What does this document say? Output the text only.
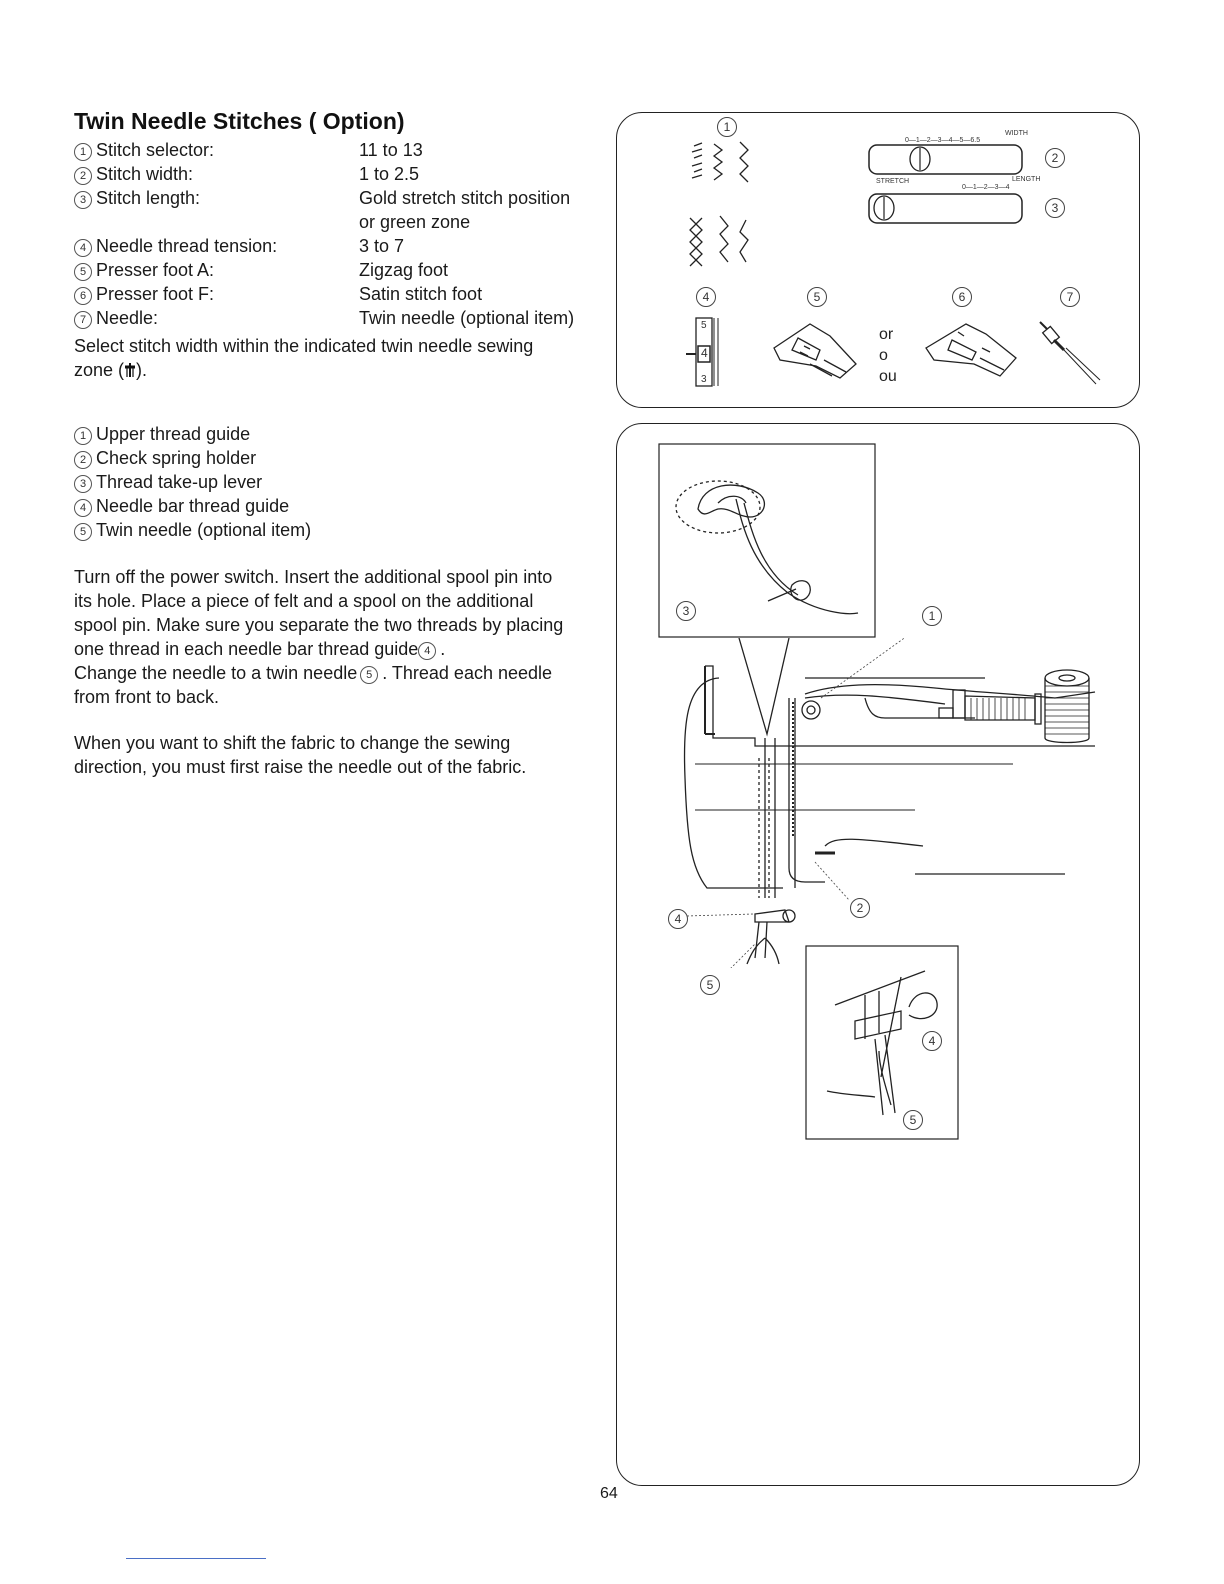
Twin Needle Stitches ( Option)
1 Stitch selector:	11 to 13
2 Stitch width:	1 to 2.5
3 Stitch length:	Gold stretch stitch position
or green zone
4 Needle thread tension:	3 to 7
5 Presser foot A:	Zigzag foot
6 Presser foot F:	Satin stitch foot
7 Needle:	Twin needle (optional item)
Select stitch width within the indicated twin needle sewing
zone ( ).
1 Upper thread guide
2 Check spring holder
3 Thread take-up lever
4 Needle bar thread guide
5 Twin needle (optional item)
Turn off the power switch. Insert the additional spool pin into
its hole. Place a piece of felt and a spool on the additional
spool pin. Make sure you separate the two threads by placing
one thread in each needle bar thread guide 4 .
Change the needle to a twin needle 5 . Thread each needle
from front to back.
When you want to shift the fabric to change the sewing
direction, you must first raise the needle out of the fabric.
1	WIDTH
0—1—2—3—4—5—6.5
2
STRETCH	LENGTH
0—1—2—3—4
3
4	5	6	7
5
4
3
or
o
ou
3	1
2
4
5
4
5
64
